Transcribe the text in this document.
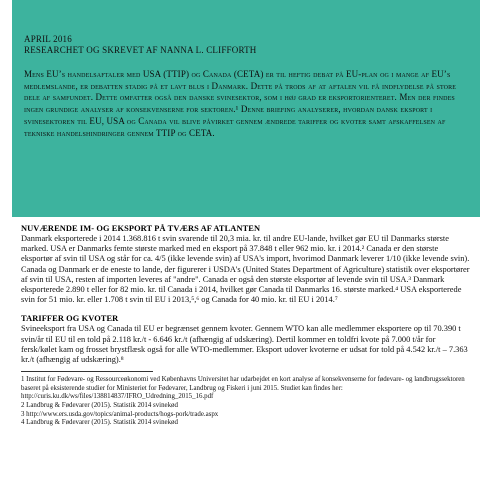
APRIL 2016

RESEARCHET OG SKREVET AF NANNA L. CLIFFORTH

Mens EU’s handelsaftaler med USA (TTIP) og Canada (CETA) er til heftig debat på EU-plan og i mange af EU’s medlemslande, er debatten stadig på et lavt blus i Danmark. Dette på trods af at aftalen vil få indflydelse på store dele af samfundet. Dette omfatter også den danske svinesektor, som i høj grad er eksportorienteret. Men der findes ingen grundige analyser af konsekvenserne for sektoren.¹ Denne briefing analyserer, hvordan dansk eksport i svinesektoren til EU, USA og Canada vil blive påvirket gennem ændrede tariffer og kvoter samt afskaffelsen af tekniske handelshindringer gennem TTIP og CETA.

NUVÆRENDE IM- OG EKSPORT PÅ TVÆRS AF ATLANTEN

Danmark eksporterede i 2014 1.368.816 t svin svarende til 20,3 mia. kr. til andre EU-lande, hvilket gør EU til Danmarks største marked. USA er Danmarks femte største marked med en eksport på 37.848 t eller 962 mio. kr. i 2014.² Canada er den største eksportør af svin til USA og står for ca. 4/5 (ikke levende svin) af USA's import, hvorimod Danmark leverer 1/10 (ikke levende svin). Canada og Danmark er de eneste to lande, der figurerer i USDA's (United States Department of Agriculture) statistik over eksportører af svin til USA, resten af importen leveres af "andre". Canada er også den største eksportør af levende svin til USA.³ Danmark eksporterede 2.890 t eller for 82 mio. kr. til Canada i 2014, hvilket gør Canada til Danmarks 16. største marked.⁴ USA eksporterede svin for 51 mio. kr. eller 1.708 t svin til EU i 2013,⁵,⁶ og Canada for 40 mio. kr. til EU i 2014.⁷

TARIFFER OG KVOTER

Svineeksport fra USA og Canada til EU er begrænset gennem kvoter. Gennem WTO kan alle medlemmer eksportere op til 70.390 t svin/år til EU til en told på 2.118 kr./t - 6.646 kr./t (afhængig af udskæring). Dertil kommer en toldfri kvote på 7.000 t/år for fersk/kølet kam og frosset brystflæsk også for alle WTO-medlemmer. Eksport udover kvoterne er udsat for told på 4.542 kr./t – 7.363 kr./t (afhængig af udskæring).⁸

1 Institut for Fødevare- og Ressourceøkonomi ved Københavns Universitet har udarbejdet en kort analyse af konsekvenserne for fødevare- og landbrugssektoren baseret på eksisterende studier for Ministeriet for Fødevarer, Landbrug og Fiskeri i juni 2015. Studiet kan findes her: http://curis.ku.dk/ws/files/138814837/IFRO_Udredning_2015_16.pdf
2 Landbrug & Fødevarer (2015). Statistik 2014 svinekød
3 http://www.ers.usda.gov/topics/animal-products/hogs-pork/trade.aspx
4 Landbrug & Fødevarer (2015). Statistik 2014 svinekød
